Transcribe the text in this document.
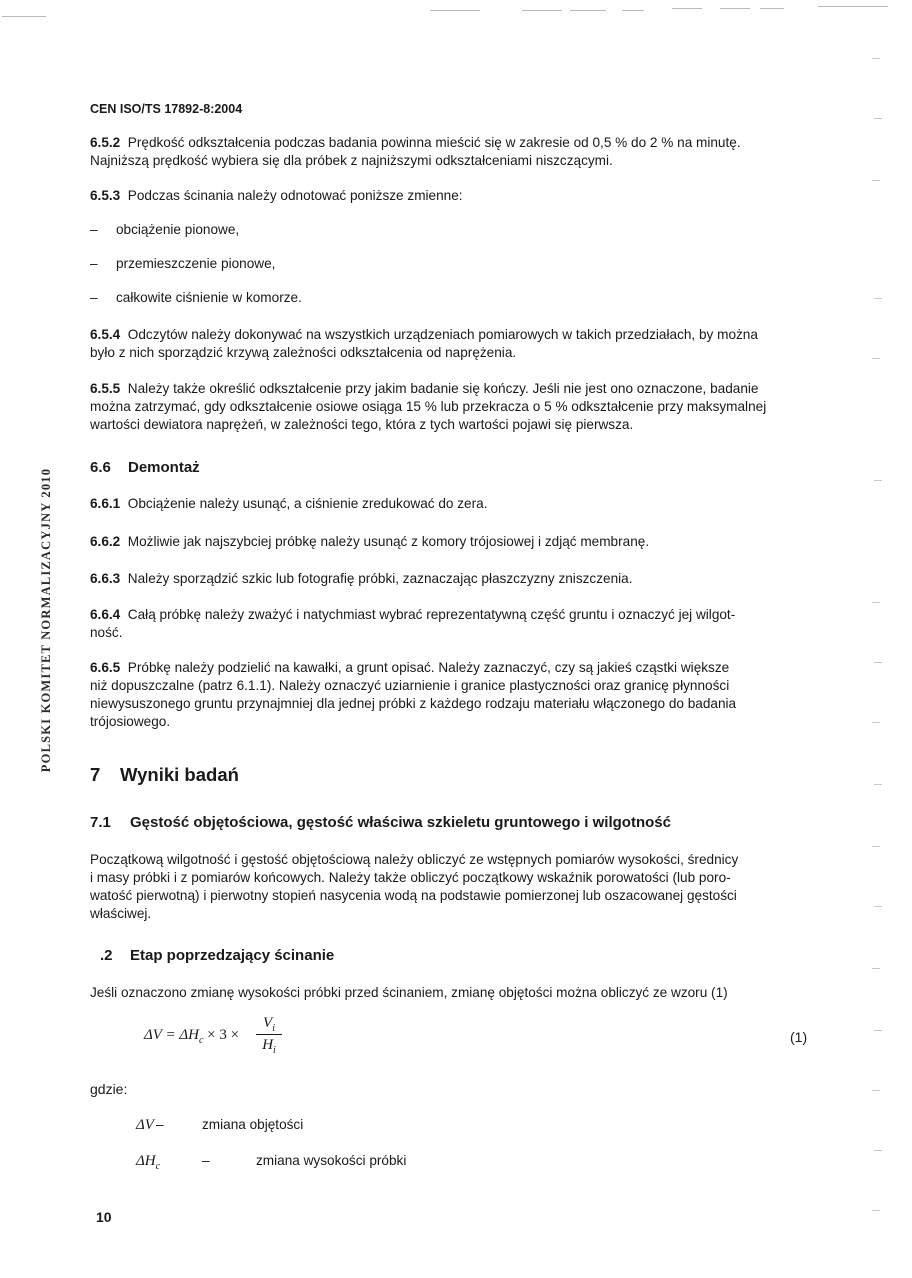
CEN ISO/TS 17892-8:2004
POLSKI KOMITET NORMALIZACYJNY 2010
6.5.2 Prędkość odkształcenia podczas badania powinna mieścić się w zakresie od 0,5 % do 2 % na minutę.
Najniższą prędkość wybiera się dla próbek z najniższymi odkształceniami niszczącymi.
6.5.3 Podczas ścinania należy odnotować poniższe zmienne:
– obciążenie pionowe,
– przemieszczenie pionowe,
– całkowite ciśnienie w komorze.
6.5.4 Odczytów należy dokonywać na wszystkich urządzeniach pomiarowych w takich przedziałach, by można
było z nich sporządzić krzywą zależności odkształcenia od naprężenia.
6.5.5 Należy także określić odkształcenie przy jakim badanie się kończy. Jeśli nie jest ono oznaczone, badanie
można zatrzymać, gdy odkształcenie osiowe osiąga 15 % lub przekracza o 5 % odkształcenie przy maksymalnej
wartości dewiatora naprężeń, w zależności tego, która z tych wartości pojawi się pierwsza.
6.6 Demontaż
6.6.1 Obciążenie należy usunąć, a ciśnienie zredukować do zera.
6.6.2 Możliwie jak najszybciej próbkę należy usunąć z komory trójosiowej i zdjąć membranę.
6.6.3 Należy sporządzić szkic lub fotografię próbki, zaznaczając płaszczyzny zniszczenia.
6.6.4 Całą próbkę należy zważyć i natychmiast wybrać reprezentatywną część gruntu i oznaczyć jej wilgot-
ność.
6.6.5 Próbkę należy podzielić na kawałki, a grunt opisać. Należy zaznaczyć, czy są jakieś cząstki większe
niż dopuszczalne (patrz 6.1.1). Należy oznaczyć uziarnienie i granice plastyczności oraz granicę płynności
niewysuszonego gruntu przynajmniej dla jednej próbki z każdego rodzaju materiału włączonego do badania
trójosiowego.
7 Wyniki badań
7.1 Gęstość objętościowa, gęstość właściwa szkieletu gruntowego i wilgotność
Początkową wilgotność i gęstość objętościową należy obliczyć ze wstępnych pomiarów wysokości, średnicy
i masy próbki i z pomiarów końcowych. Należy także obliczyć początkowy wskaźnik porowatości (lub poro-
watość pierwotną) i pierwotny stopień nasycenia wodą na podstawie pomierzonej lub oszacowanej gęstości
właściwej.
.2 Etap poprzedzający ścinanie
Jeśli oznaczono zmianę wysokości próbki przed ścinaniem, zmianę objętości można obliczyć ze wzoru (1)
$\Delta V = \Delta H_c \times 3$ ×
$V_i$
$H_i$
(1)
gdzie:
ΔV –	zmiana objętości
$\Delta H_c$	–	zmiana wysokości próbki
10
